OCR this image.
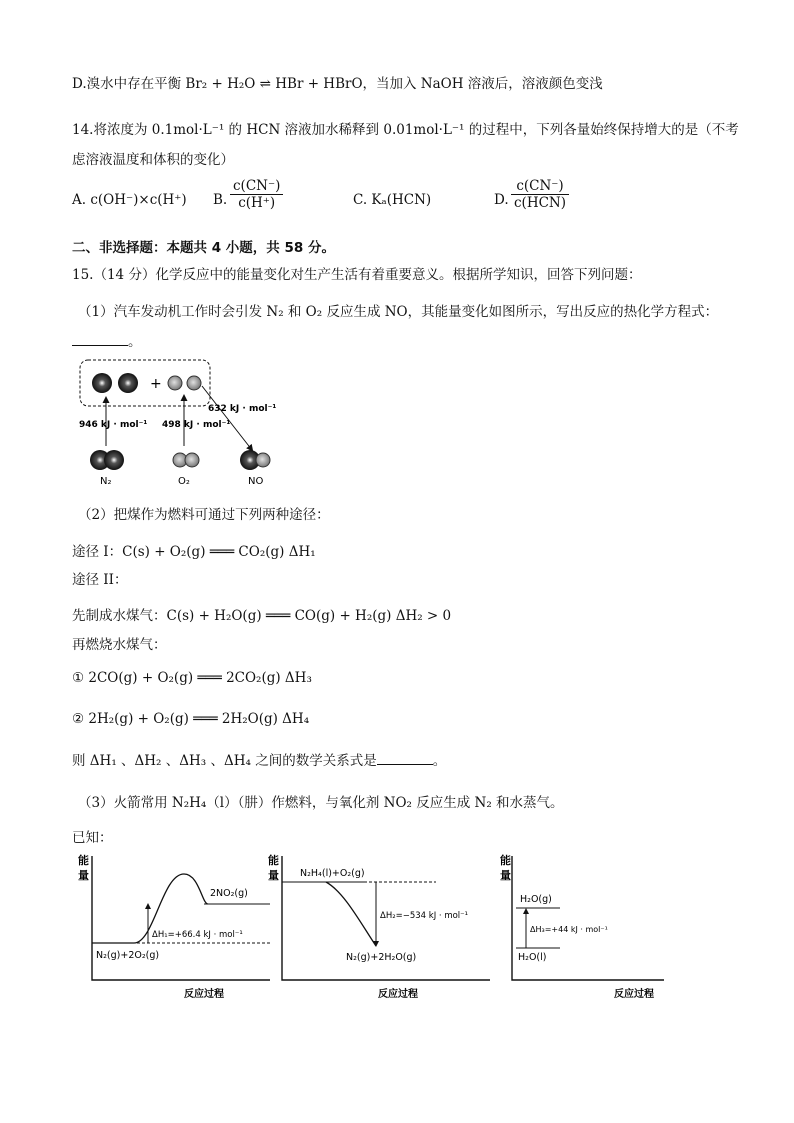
D.溴水中存在平衡 Br₂ + H₂O ⇌ HBr + HBrO，当加入 NaOH 溶液后，溶液颜色变浅
14.将浓度为 0.1mol·L⁻¹ 的 HCN 溶液加水稀释到 0.01mol·L⁻¹ 的过程中，下列各量始终保持增大的是（不考
虑溶液温度和体积的变化）
A. c(OH⁻)×c(H⁺) B. $\frac{c(CN^-)}{c(H^+)}$	C. Kₐ(HCN)	D.
c(CN⁻)
c(HCN)
二、非选择题：本题共 4 小题，共 58 分。
15.（14 分）化学反应中的能量变化对生产生活有着重要意义。根据所学知识，回答下列问题：
（1）汽车发动机工作时会引发 N₂ 和 O₂ 反应生成 NO，其能量变化如图所示，写出反应的热化学方程式：
。
+
946 kJ · mol⁻¹ 498 kJ · mol⁻¹
632 kJ · mol⁻¹
N₂	O₂	NO
（2）把煤作为燃料可通过下列两种途径：
途径 I：C(s) + O₂(g) ═══ CO₂(g) ΔH₁
途径 II：
先制成水煤气：C(s) + H₂O(g) ═══ CO(g) + H₂(g) ΔH₂ > 0
再燃烧水煤气：
① 2CO(g) + O₂(g) ═══ 2CO₂(g) ΔH₃
② 2H₂(g) + O₂(g) ═══ 2H₂O(g) ΔH₄
则 ΔH₁ 、ΔH₂ 、ΔH₃ 、ΔH₄ 之间的数学关系式是	。
（3）火箭常用 N₂H₄（l）（肼）作燃料，与氧化剂 NO₂ 反应生成 N₂ 和水蒸气。
已知：
能
量
2NO₂(g)
N₂(g)+2O₂(g)
ΔH₁=+66.4 kJ · mol⁻¹
反应过程
能
量 N₂H₄(l)+O₂(g)
ΔH₂=−534 kJ · mol⁻¹
N₂(g)+2H₂O(g)
反应过程
能
量
H₂O(g)
H₂O(l)
ΔH₃=+44 kJ · mol⁻¹
反应过程
